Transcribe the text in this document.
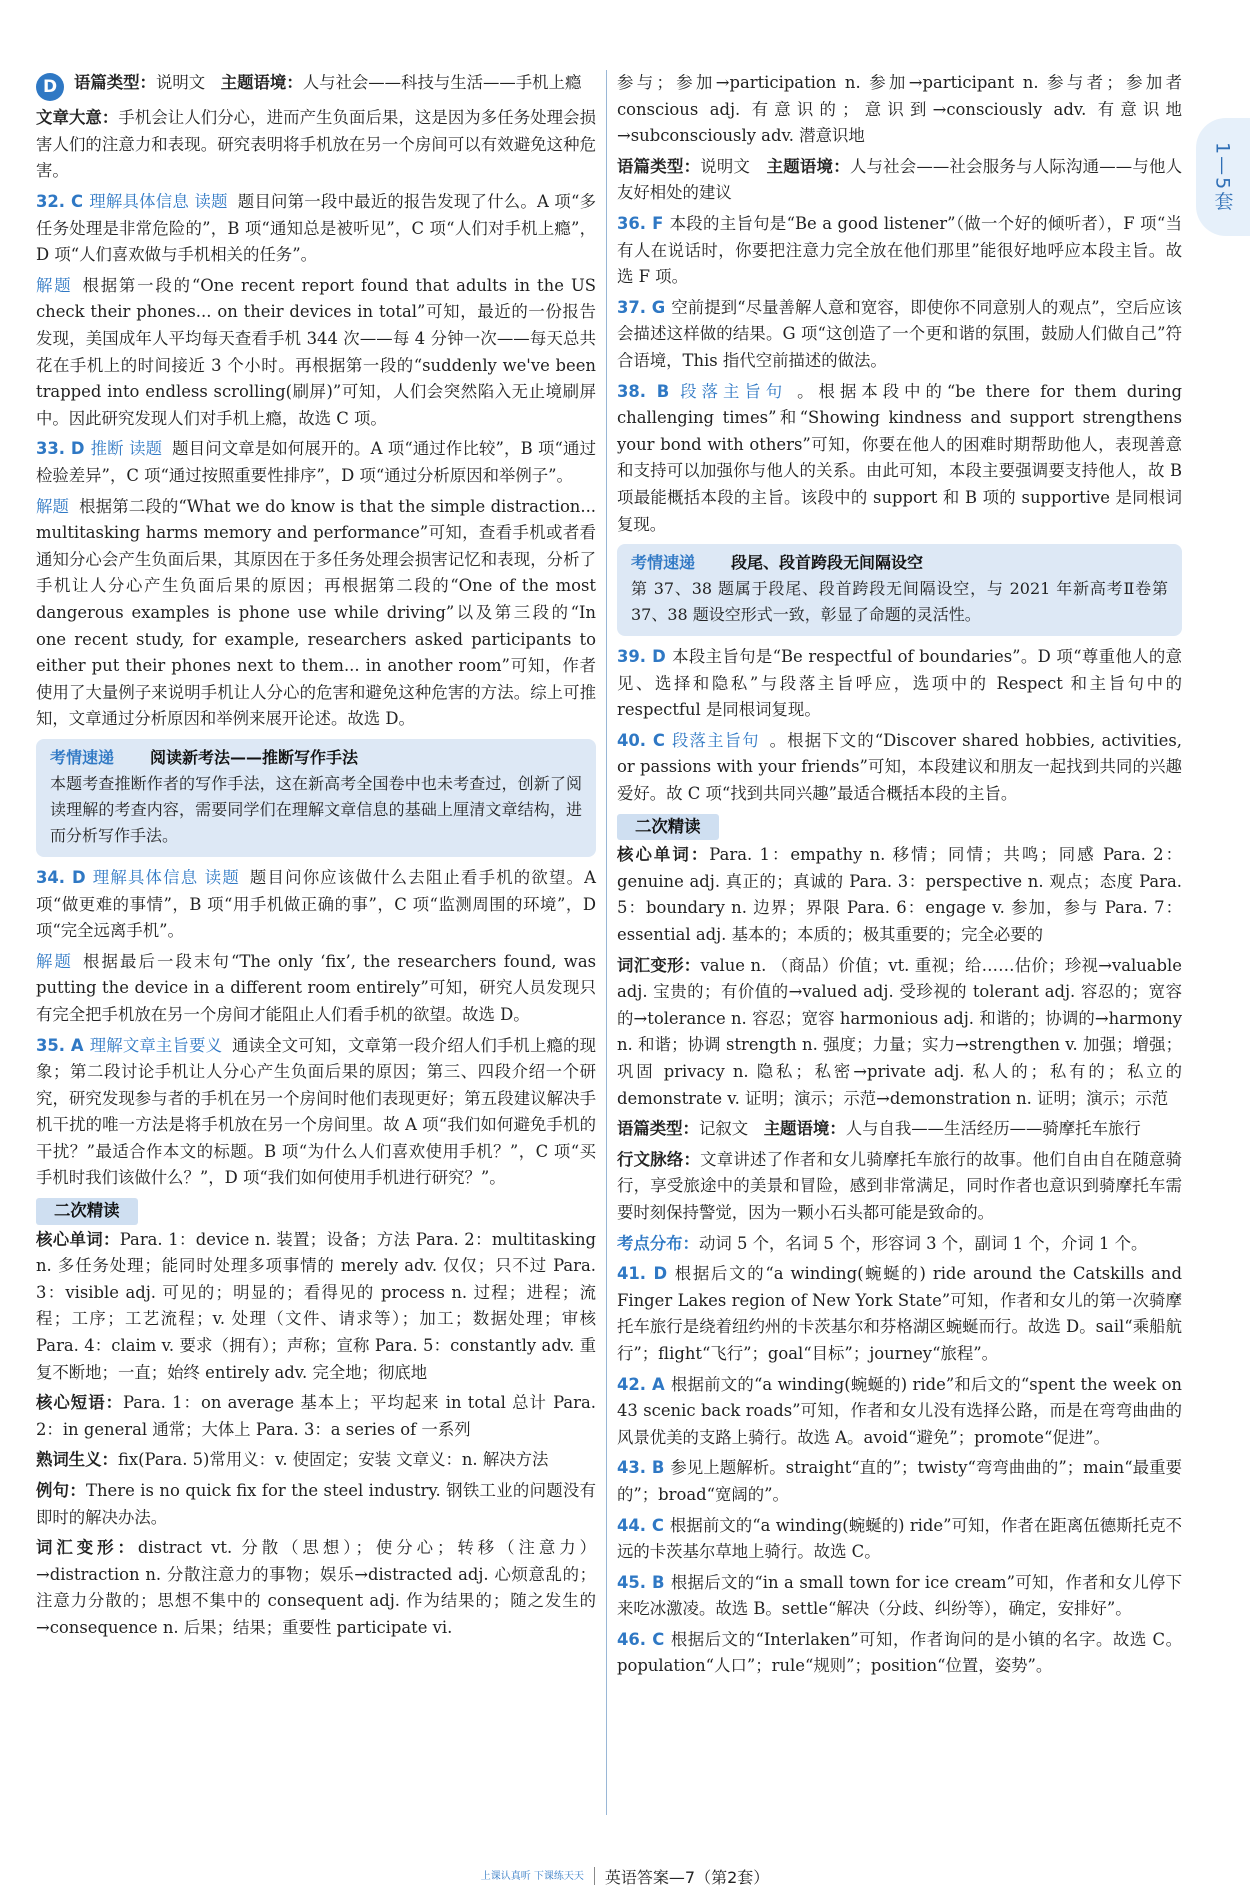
1—5套

D 语篇类型：说明文 主题语境：人与社会——科技与生活——手机上瘾

文章大意：手机会让人们分心，进而产生负面后果，这是因为多任务处理会损害人们的注意力和表现。研究表明将手机放在另一个房间可以有效避免这种危害。

32. C 理解具体信息 读题 题目问第一段中最近的报告发现了什么。A 项“多任务处理是非常危险的”，B 项“通知总是被听见”，C 项“人们对手机上瘾”，D 项“人们喜欢做与手机相关的任务”。

解题 根据第一段的“One recent report found that adults in the US check their phones... on their devices in total”可知，最近的一份报告发现，美国成年人平均每天查看手机 344 次——每 4 分钟一次——每天总共花在手机上的时间接近 3 个小时。再根据第一段的“suddenly we've been trapped into endless scrolling(刷屏)”可知，人们会突然陷入无止境刷屏中。因此研究发现人们对手机上瘾，故选 C 项。

33. D 推断 读题 题目问文章是如何展开的。A 项“通过作比较”，B 项“通过检验差异”，C 项“通过按照重要性排序”，D 项“通过分析原因和举例子”。

解题 根据第二段的“What we do know is that the simple distraction... multitasking harms memory and performance”可知，查看手机或者看通知分心会产生负面后果，其原因在于多任务处理会损害记忆和表现，分析了手机让人分心产生负面后果的原因；再根据第二段的“One of the most dangerous examples is phone use while driving”以及第三段的“In one recent study, for example, researchers asked participants to either put their phones next to them... in another room”可知，作者使用了大量例子来说明手机让人分心的危害和避免这种危害的方法。综上可推知，文章通过分析原因和举例来展开论述。故选 D。

考情速递 阅读新考法——推断写作手法

本题考查推断作者的写作手法，这在新高考全国卷中也未考查过，创新了阅读理解的考查内容，需要同学们在理解文章信息的基础上厘清文章结构，进而分析写作手法。

34. D 理解具体信息 读题 题目问你应该做什么去阻止看手机的欲望。A 项“做更难的事情”，B 项“用手机做正确的事”，C 项“监测周围的环境”，D 项“完全远离手机”。

解题 根据最后一段末句“The only ‘fix’, the researchers found, was putting the device in a different room entirely”可知，研究人员发现只有完全把手机放在另一个房间才能阻止人们看手机的欲望。故选 D。

35. A 理解文章主旨要义 通读全文可知，文章第一段介绍人们手机上瘾的现象；第二段讨论手机让人分心产生负面后果的原因；第三、四段介绍一个研究，研究发现参与者的手机在另一个房间时他们表现更好；第五段建议解决手机干扰的唯一方法是将手机放在另一个房间里。故 A 项“我们如何避免手机的干扰？”最适合作本文的标题。B 项“为什么人们喜欢使用手机？”，C 项“买手机时我们该做什么？”，D 项“我们如何使用手机进行研究？”。

二次精读

核心单词：Para. 1：device n. 装置；设备；方法 Para. 2：multitasking n. 多任务处理；能同时处理多项事情的 merely adv. 仅仅；只不过 Para. 3：visible adj. 可见的；明显的；看得见的 process n. 过程；进程；流程；工序；工艺流程；v. 处理（文件、请求等）；加工；数据处理；审核 Para. 4：claim v. 要求（拥有）；声称；宣称 Para. 5：constantly adv. 重复不断地；一直；始终 entirely adv. 完全地；彻底地

核心短语：Para. 1：on average 基本上；平均起来 in total 总计 Para. 2：in general 通常；大体上 Para. 3：a series of 一系列

熟词生义：fix(Para. 5)常用义：v. 使固定；安装 文章义：n. 解决方法

例句：There is no quick fix for the steel industry. 钢铁工业的问题没有即时的解决办法。

词汇变形：distract vt. 分散（思想）；使分心；转移（注意力）→distraction n. 分散注意力的事物；娱乐→distracted adj. 心烦意乱的；注意力分散的；思想不集中的 consequent adj. 作为结果的；随之发生的→consequence n. 后果；结果；重要性 participate vi.

参与；参加→participation n. 参加→participant n. 参与者；参加者 conscious adj. 有意识的；意识到→consciously adv. 有意识地→subconsciously adv. 潜意识地

语篇类型：说明文 主题语境：人与社会——社会服务与人际沟通——与他人友好相处的建议

36. F 本段的主旨句是“Be a good listener”（做一个好的倾听者），F 项“当有人在说话时，你要把注意力完全放在他们那里”能很好地呼应本段主旨。故选 F 项。

37. G 空前提到“尽量善解人意和宽容，即使你不同意别人的观点”，空后应该会描述这样做的结果。G 项“这创造了一个更和谐的氛围，鼓励人们做自己”符合语境，This 指代空前描述的做法。

38. B 段落主旨句 。根据本段中的“be there for them during challenging times”和“Showing kindness and support strengthens your bond with others”可知，你要在他人的困难时期帮助他人，表现善意和支持可以加强你与他人的关系。由此可知，本段主要强调要支持他人，故 B 项最能概括本段的主旨。该段中的 support 和 B 项的 supportive 是同根词复现。

考情速递 段尾、段首跨段无间隔设空

第 37、38 题属于段尾、段首跨段无间隔设空，与 2021 年新高考Ⅱ卷第 37、38 题设空形式一致，彰显了命题的灵活性。

39. D 本段主旨句是“Be respectful of boundaries”。D 项“尊重他人的意见、选择和隐私”与段落主旨呼应，选项中的 Respect 和主旨句中的 respectful 是同根词复现。

40. C 段落主旨句 。根据下文的“Discover shared hobbies, activities, or passions with your friends”可知，本段建议和朋友一起找到共同的兴趣爱好。故 C 项“找到共同兴趣”最适合概括本段的主旨。

二次精读

核心单词：Para. 1：empathy n. 移情；同情；共鸣；同感 Para. 2：genuine adj. 真正的；真诚的 Para. 3：perspective n. 观点；态度 Para. 5：boundary n. 边界；界限 Para. 6：engage v. 参加，参与 Para. 7：essential adj. 基本的；本质的；极其重要的；完全必要的

词汇变形：value n. （商品）价值；vt. 重视；给……估价；珍视→valuable adj. 宝贵的；有价值的→valued adj. 受珍视的 tolerant adj. 容忍的；宽容的→tolerance n. 容忍；宽容 harmonious adj. 和谐的；协调的→harmony n. 和谐；协调 strength n. 强度；力量；实力→strengthen v. 加强；增强；巩固 privacy n. 隐私；私密→private adj. 私人的；私有的；私立的 demonstrate v. 证明；演示；示范→demonstration n. 证明；演示；示范

语篇类型：记叙文 主题语境：人与自我——生活经历——骑摩托车旅行

行文脉络：文章讲述了作者和女儿骑摩托车旅行的故事。他们自由自在随意骑行，享受旅途中的美景和冒险，感到非常满足，同时作者也意识到骑摩托车需要时刻保持警觉，因为一颗小石头都可能是致命的。

考点分布：动词 5 个，名词 5 个，形容词 3 个，副词 1 个，介词 1 个。

41. D 根据后文的“a winding(蜿蜒的) ride around the Catskills and Finger Lakes region of New York State”可知，作者和女儿的第一次骑摩托车旅行是绕着纽约州的卡茨基尔和芬格湖区蜿蜒而行。故选 D。sail“乘船航行”；flight“飞行”；goal“目标”；journey“旅程”。

42. A 根据前文的“a winding(蜿蜒的) ride”和后文的“spent the week on 43 scenic back roads”可知，作者和女儿没有选择公路，而是在弯弯曲曲的风景优美的支路上骑行。故选 A。avoid“避免”；promote“促进”。

43. B 参见上题解析。straight“直的”；twisty“弯弯曲曲的”；main“最重要的”；broad“宽阔的”。

44. C 根据前文的“a winding(蜿蜒的) ride”可知，作者在距离伍德斯托克不远的卡茨基尔草地上骑行。故选 C。

45. B 根据后文的“in a small town for ice cream”可知，作者和女儿停下来吃冰激凌。故选 B。settle“解决（分歧、纠纷等），确定，安排好”。

46. C 根据后文的“Interlaken”可知，作者询问的是小镇的名字。故选 C。population“人口”；rule“规则”；position“位置，姿势”。

上课认真听 下课练天天 英语答案—7（第2套）
